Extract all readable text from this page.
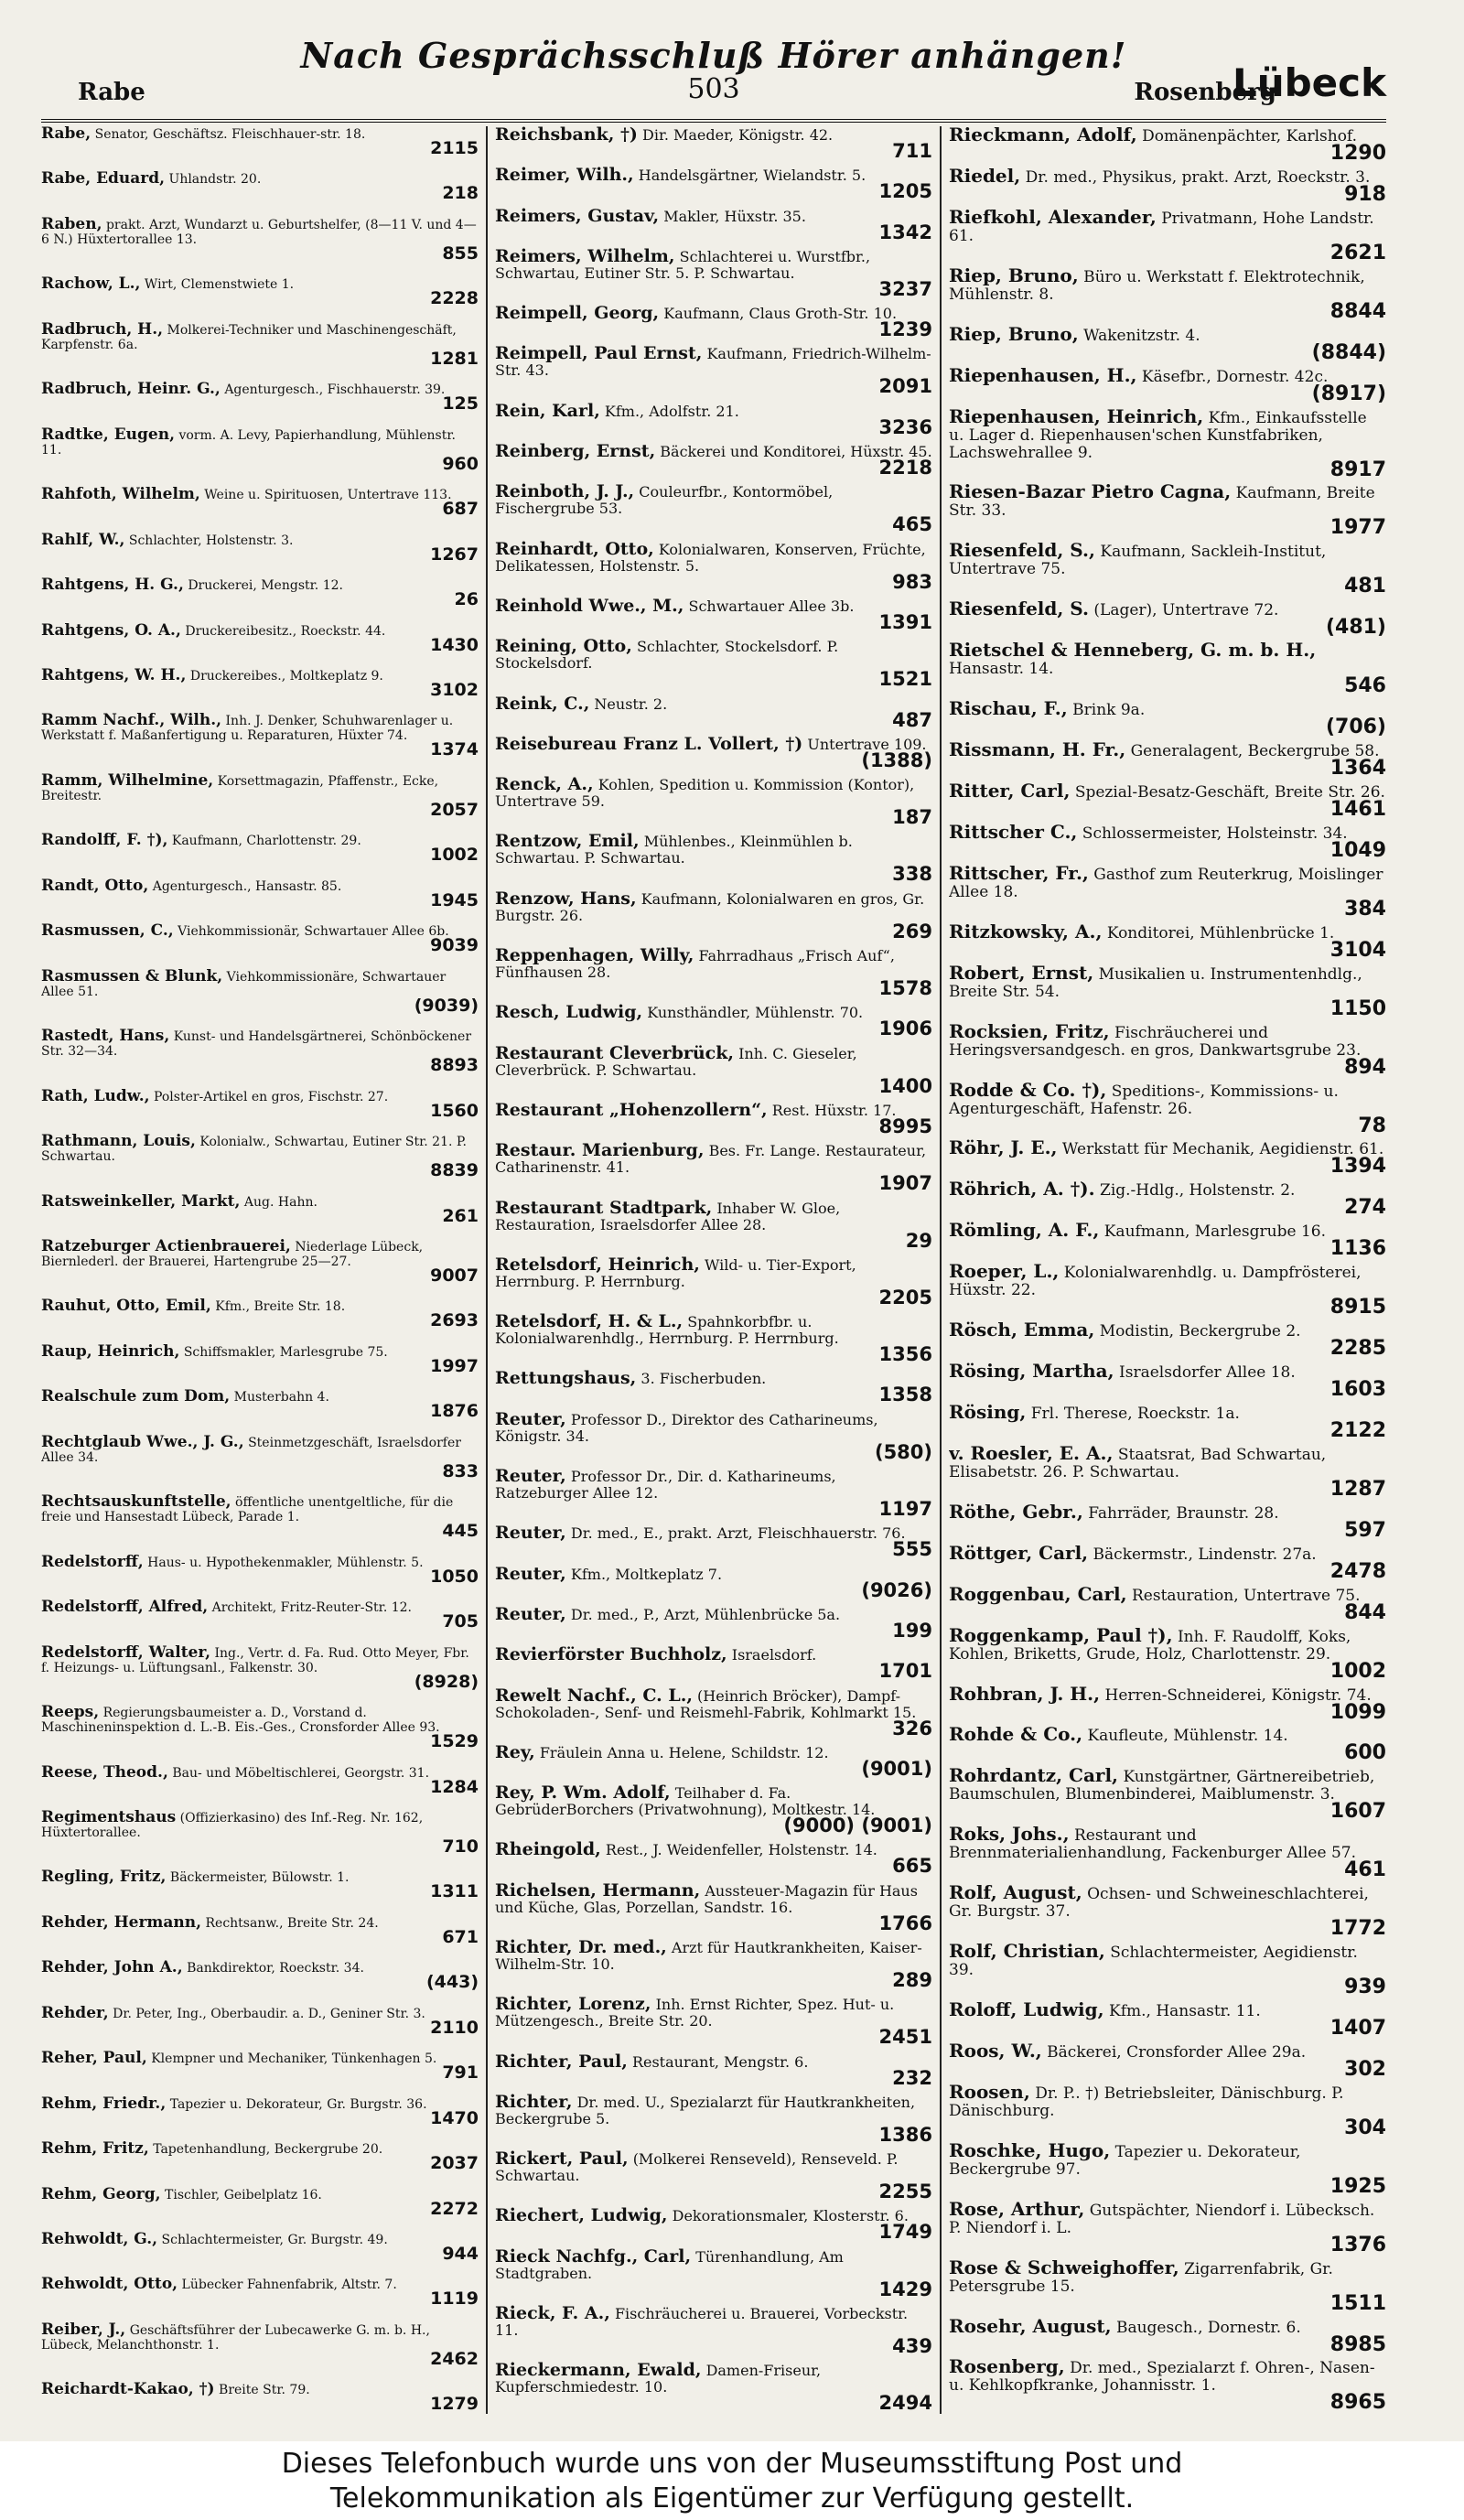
Nach Gesprächsschluß Hörer anhängen!
Rabe	503	Rosenberg
Lübeck
Rabe, Senator, Geschäftsz. Fleischhauer-str. 18.
2115
Rabe, Eduard, Uhlandstr. 20.
218
Raben, prakt. Arzt, Wundarzt u. Geburtshelfer, (8—11 V. und 4—6 N.) Hüxtertorallee 13.
855
Rachow, L., Wirt, Clemenstwiete 1.
2228
Radbruch, H., Molkerei-Techniker und Maschinengeschäft, Karpfenstr. 6a.
1281
Radbruch, Heinr. G., Agenturgesch., Fischhauerstr. 39.
125
Radtke, Eugen, vorm. A. Levy, Papierhandlung, Mühlenstr. 11.
960
Rahfoth, Wilhelm, Weine u. Spirituosen, Untertrave 113.
687
Rahlf, W., Schlachter, Holstenstr. 3.
1267
Rahtgens, H. G., Druckerei, Mengstr. 12.
26
Rahtgens, O. A., Druckereibesitz., Roeckstr. 44.
1430
Rahtgens, W. H., Druckereibes., Moltkeplatz 9.
3102
Ramm Nachf., Wilh., Inh. J. Denker, Schuhwarenlager u. Werkstatt f. Maßanfertigung u. Reparaturen, Hüxter 74.
1374
Ramm, Wilhelmine, Korsettmagazin, Pfaffenstr., Ecke, Breitestr.
2057
Randolff, F. †), Kaufmann, Charlottenstr. 29.
1002
Randt, Otto, Agenturgesch., Hansastr. 85.
1945
Rasmussen, C., Viehkommissionär, Schwartauer Allee 6b.
9039
Rasmussen & Blunk, Viehkommissionäre, Schwartauer Allee 51.
(9039)
Rastedt, Hans, Kunst- und Handelsgärtnerei, Schönböckener Str. 32—34.
8893
Rath, Ludw., Polster-Artikel en gros, Fischstr. 27.
1560
Rathmann, Louis, Kolonialw., Schwartau, Eutiner Str. 21. P. Schwartau.
8839
Ratsweinkeller, Markt, Aug. Hahn.
261
Ratzeburger Actienbrauerei, Niederlage Lübeck, Biernlederl. der Brauerei, Hartengrube 25—27.
9007
Rauhut, Otto, Emil, Kfm., Breite Str. 18.
2693
Raup, Heinrich, Schiffsmakler, Marlesgrube 75.
1997
Realschule zum Dom, Musterbahn 4.
1876
Rechtglaub Wwe., J. G., Steinmetzgeschäft, Israelsdorfer Allee 34.
833
Rechtsauskunftstelle, öffentliche unentgeltliche, für die freie und Hansestadt Lübeck, Parade 1.
445
Redelstorff, Haus- u. Hypothekenmakler, Mühlenstr. 5.
1050
Redelstorff, Alfred, Architekt, Fritz-Reuter-Str. 12.
705
Redelstorff, Walter, Ing., Vertr. d. Fa. Rud. Otto Meyer, Fbr. f. Heizungs- u. Lüftungsanl., Falkenstr. 30.
(8928)
Reeps, Regierungsbaumeister a. D., Vorstand d. Maschineninspektion d. L.-B. Eis.-Ges., Cronsforder Allee 93.
1529
Reese, Theod., Bau- und Möbeltischlerei, Georgstr. 31.
1284
Regimentshaus (Offizierkasino) des Inf.-Reg. Nr. 162, Hüxtertorallee.
710
Regling, Fritz, Bäckermeister, Bülowstr. 1.
1311
Rehder, Hermann, Rechtsanw., Breite Str. 24.
671
Rehder, John A., Bankdirektor, Roeckstr. 34.
(443)
Rehder, Dr. Peter, Ing., Oberbaudir. a. D., Geniner Str. 3.
2110
Reher, Paul, Klempner und Mechaniker, Tünkenhagen 5.
791
Rehm, Friedr., Tapezier u. Dekorateur, Gr. Burgstr. 36.
1470
Rehm, Fritz, Tapetenhandlung, Beckergrube 20.
2037
Rehm, Georg, Tischler, Geibelplatz 16.
2272
Rehwoldt, G., Schlachtermeister, Gr. Burgstr. 49.
944
Rehwoldt, Otto, Lübecker Fahnenfabrik, Altstr. 7.
1119
Reiber, J., Geschäftsführer der Lubecawerke G. m. b. H., Lübeck, Melanchthonstr. 1.
2462
Reichardt-Kakao, †) Breite Str. 79.
1279
Reichsbank, †) Dir. Maeder, Königstr. 42.
711
Reimer, Wilh., Handelsgärtner, Wielandstr. 5.
1205
Reimers, Gustav, Makler, Hüxstr. 35.
1342
Reimers, Wilhelm, Schlachterei u. Wurstfbr., Schwartau, Eutiner Str. 5. P. Schwartau.
3237
Reimpell, Georg, Kaufmann, Claus Groth-Str. 10.
1239
Reimpell, Paul Ernst, Kaufmann, Friedrich-Wilhelm-Str. 43.
2091
Rein, Karl, Kfm., Adolfstr. 21.
3236
Reinberg, Ernst, Bäckerei und Konditorei, Hüxstr. 45.
2218
Reinboth, J. J., Couleurfbr., Kontormöbel, Fischergrube 53.
465
Reinhardt, Otto, Kolonialwaren, Konserven, Früchte, Delikatessen, Holstenstr. 5.
983
Reinhold Wwe., M., Schwartauer Allee 3b.
1391
Reining, Otto, Schlachter, Stockelsdorf. P. Stockelsdorf.
1521
Reink, C., Neustr. 2.
487
Reisebureau Franz L. Vollert, †) Untertrave 109.
(1388)
Renck, A., Kohlen, Spedition u. Kommission (Kontor), Untertrave 59.
187
Rentzow, Emil, Mühlenbes., Kleinmühlen b. Schwartau. P. Schwartau.
338
Renzow, Hans, Kaufmann, Kolonialwaren en gros, Gr. Burgstr. 26.
269
Reppenhagen, Willy, Fahrradhaus „Frisch Auf“, Fünfhausen 28.
1578
Resch, Ludwig, Kunsthändler, Mühlenstr. 70.
1906
Restaurant Cleverbrück, Inh. C. Gieseler, Cleverbrück. P. Schwartau.
1400
Restaurant „Hohenzollern“, Rest. Hüxstr. 17.
8995
Restaur. Marienburg, Bes. Fr. Lange. Restaurateur, Catharinenstr. 41.
1907
Restaurant Stadtpark, Inhaber W. Gloe, Restauration, Israelsdorfer Allee 28.
29
Retelsdorf, Heinrich, Wild- u. Tier-Export, Herrnburg. P. Herrnburg.
2205
Retelsdorf, H. & L., Spahnkorbfbr. u. Kolonialwarenhdlg., Herrnburg. P. Herrnburg.
1356
Rettungshaus, 3. Fischerbuden.
1358
Reuter, Professor D., Direktor des Catharineums, Königstr. 34.
(580)
Reuter, Professor Dr., Dir. d. Katharineums, Ratzeburger Allee 12.
1197
Reuter, Dr. med., E., prakt. Arzt, Fleischhauerstr. 76.
555
Reuter, Kfm., Moltkeplatz 7.
(9026)
Reuter, Dr. med., P., Arzt, Mühlenbrücke 5a.
199
Revierförster Buchholz, Israelsdorf.
1701
Rewelt Nachf., C. L., (Heinrich Bröcker), Dampf-Schokoladen-, Senf- und Reismehl-Fabrik, Kohlmarkt 15.
326
Rey, Fräulein Anna u. Helene, Schildstr. 12.
(9001)
Rey, P. Wm. Adolf, Teilhaber d. Fa. GebrüderBorchers (Privatwohnung), Moltkestr. 14.
(9000) (9001)
Rheingold, Rest., J. Weidenfeller, Holstenstr. 14.
665
Richelsen, Hermann, Aussteuer-Magazin für Haus und Küche, Glas, Porzellan, Sandstr. 16.
1766
Richter, Dr. med., Arzt für Hautkrankheiten, Kaiser-Wilhelm-Str. 10.
289
Richter, Lorenz, Inh. Ernst Richter, Spez. Hut- u. Mützengesch., Breite Str. 20.
2451
Richter, Paul, Restaurant, Mengstr. 6.
232
Richter, Dr. med. U., Spezialarzt für Hautkrankheiten, Beckergrube 5.
1386
Rickert, Paul, (Molkerei Renseveld), Renseveld. P. Schwartau.
2255
Riechert, Ludwig, Dekorationsmaler, Klosterstr. 6.
1749
Rieck Nachfg., Carl, Türenhandlung, Am Stadtgraben.
1429
Rieck, F. A., Fischräucherei u. Brauerei, Vorbeckstr. 11.
439
Rieckermann, Ewald, Damen-Friseur, Kupferschmiedestr. 10.
2494
Rieckmann, Adolf, Domänenpächter, Karlshof.
1290
Riedel, Dr. med., Physikus, prakt. Arzt, Roeckstr. 3.
918
Riefkohl, Alexander, Privatmann, Hohe Landstr. 61.
2621
Riep, Bruno, Büro u. Werkstatt f. Elektrotechnik, Mühlenstr. 8.
8844
Riep, Bruno, Wakenitzstr. 4.
(8844)
Riepenhausen, H., Käsefbr., Dornestr. 42c.
(8917)
Riepenhausen, Heinrich, Kfm., Einkaufsstelle u. Lager d. Riepenhausen'schen Kunstfabriken, Lachswehrallee 9.
8917
Riesen-Bazar Pietro Cagna, Kaufmann, Breite Str. 33.
1977
Riesenfeld, S., Kaufmann, Sackleih-Institut, Untertrave 75.
481
Riesenfeld, S. (Lager), Untertrave 72.
(481)
Rietschel & Henneberg, G. m. b. H., Hansastr. 14.
546
Rischau, F., Brink 9a.
(706)
Rissmann, H. Fr., Generalagent, Beckergrube 58.
1364
Ritter, Carl, Spezial-Besatz-Geschäft, Breite Str. 26.
1461
Rittscher C., Schlossermeister, Holsteinstr. 34.
1049
Rittscher, Fr., Gasthof zum Reuterkrug, Moislinger Allee 18.
384
Ritzkowsky, A., Konditorei, Mühlenbrücke 1.
3104
Robert, Ernst, Musikalien u. Instrumentenhdlg., Breite Str. 54.
1150
Rocksien, Fritz, Fischräucherei und Heringsversandgesch. en gros, Dankwartsgrube 23.
894
Rodde & Co. †), Speditions-, Kommissions- u. Agenturgeschäft, Hafenstr. 26.
78
Röhr, J. E., Werkstatt für Mechanik, Aegidienstr. 61.
1394
Röhrich, A. †). Zig.-Hdlg., Holstenstr. 2.
274
Römling, A. F., Kaufmann, Marlesgrube 16.
1136
Roeper, L., Kolonialwarenhdlg. u. Dampfrösterei, Hüxstr. 22.
8915
Rösch, Emma, Modistin, Beckergrube 2.
2285
Rösing, Martha, Israelsdorfer Allee 18.
1603
Rösing, Frl. Therese, Roeckstr. 1a.
2122
v. Roesler, E. A., Staatsrat, Bad Schwartau, Elisabetstr. 26. P. Schwartau.
1287
Röthe, Gebr., Fahrräder, Braunstr. 28.
597
Röttger, Carl, Bäckermstr., Lindenstr. 27a.
2478
Roggenbau, Carl, Restauration, Untertrave 75.
844
Roggenkamp, Paul †), Inh. F. Raudolff, Koks, Kohlen, Briketts, Grude, Holz, Charlottenstr. 29.
1002
Rohbran, J. H., Herren-Schneiderei, Königstr. 74.
1099
Rohde & Co., Kaufleute, Mühlenstr. 14.
600
Rohrdantz, Carl, Kunstgärtner, Gärtnereibetrieb, Baumschulen, Blumenbinderei, Maiblumenstr. 3.
1607
Roks, Johs., Restaurant und Brennmaterialienhandlung, Fackenburger Allee 57.
461
Rolf, August, Ochsen- und Schweineschlachterei, Gr. Burgstr. 37.
1772
Rolf, Christian, Schlachtermeister, Aegidienstr. 39.
939
Roloff, Ludwig, Kfm., Hansastr. 11.
1407
Roos, W., Bäckerei, Cronsforder Allee 29a.
302
Roosen, Dr. P.. †) Betriebsleiter, Dänischburg. P. Dänischburg.
304
Roschke, Hugo, Tapezier u. Dekorateur, Beckergrube 97.
1925
Rose, Arthur, Gutspächter, Niendorf i. Lübecksch. P. Niendorf i. L.
1376
Rose & Schweighoffer, Zigarrenfabrik, Gr. Petersgrube 15.
1511
Rosehr, August, Baugesch., Dornestr. 6.
8985
Rosenberg, Dr. med., Spezialarzt f. Ohren-, Nasen- u. Kehlkopfkranke, Johannisstr. 1.
8965
Dieses Telefonbuch wurde uns von der Museumsstiftung Post und
Telekommunikation als Eigentümer zur Verfügung gestellt.
